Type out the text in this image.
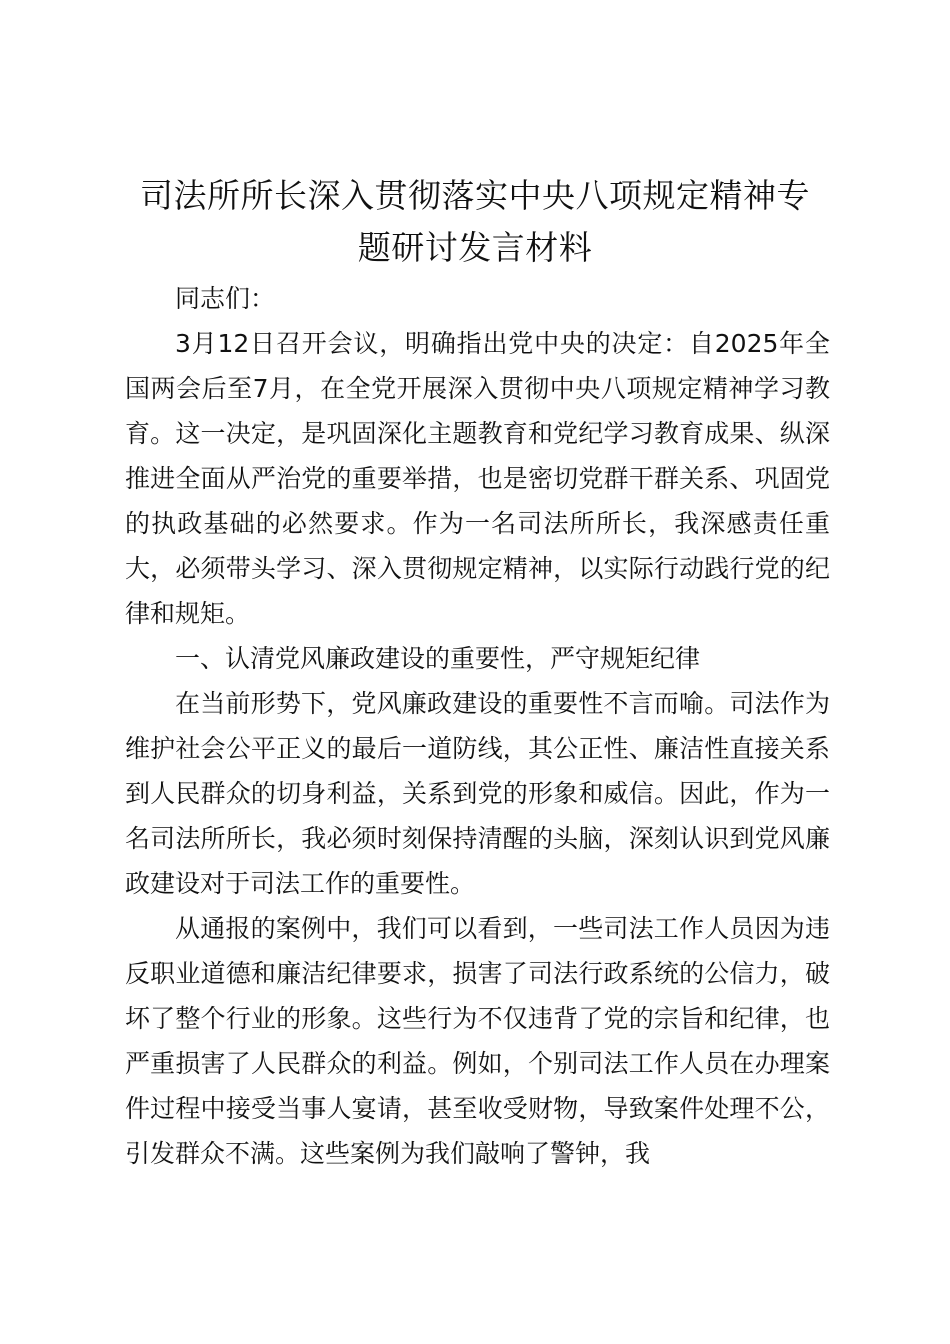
司法所所长深入贯彻落实中央八项规定精神专
题研讨发言材料

同志们：

3月12日召开会议，明确指出党中央的决定：自2025年全国两会后至7月，在全党开展深入贯彻中央八项规定精神学习教育。这一决定，是巩固深化主题教育和党纪学习教育成果、纵深推进全面从严治党的重要举措，也是密切党群干群关系、巩固党的执政基础的必然要求。作为一名司法所所长，我深感责任重大，必须带头学习、深入贯彻规定精神，以实际行动践行党的纪律和规矩。

一、认清党风廉政建设的重要性，严守规矩纪律

在当前形势下，党风廉政建设的重要性不言而喻。司法作为维护社会公平正义的最后一道防线，其公正性、廉洁性直接关系到人民群众的切身利益，关系到党的形象和威信。因此，作为一名司法所所长，我必须时刻保持清醒的头脑，深刻认识到党风廉政建设对于司法工作的重要性。

从通报的案例中，我们可以看到，一些司法工作人员因为违反职业道德和廉洁纪律要求，损害了司法行政系统的公信力，破坏了整个行业的形象。这些行为不仅违背了党的宗旨和纪律，也严重损害了人民群众的利益。例如，个别司法工作人员在办理案件过程中接受当事人宴请，甚至收受财物，导致案件处理不公，引发群众不满。这些案例为我们敲响了警钟，我
